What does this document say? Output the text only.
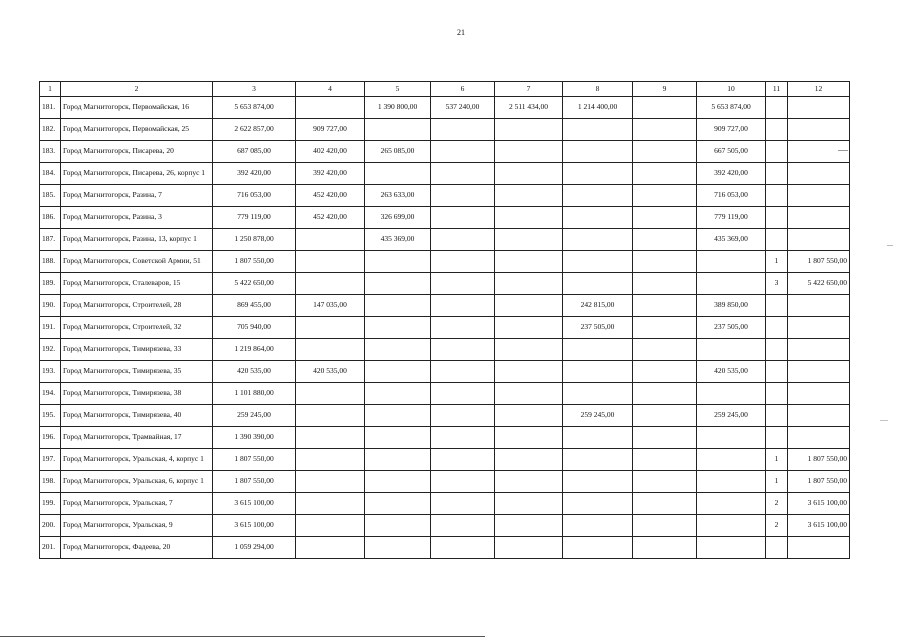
21
1	2	3	4	5	6	7	8	9	10	11	12
181.	Город Магнитогорск, Первомайская, 16	5 653 874,00		1 390 800,00	537 240,00	2 511 434,00	1 214 400,00		5 653 874,00		
182.	Город Магнитогорск, Первомайская, 25	2 622 857,00	909 727,00						909 727,00		
183.	Город Магнитогорск, Писарева, 20	687 085,00	402 420,00	265 085,00					667 505,00		
184.	Город Магнитогорск, Писарева, 26, корпус 1	392 420,00	392 420,00						392 420,00		
185.	Город Магнитогорск, Разина, 7	716 053,00	452 420,00	263 633,00					716 053,00		
186.	Город Магнитогорск, Разина, 3	779 119,00	452 420,00	326 699,00					779 119,00		
187.	Город Магнитогорск, Разина, 13, корпус 1	1 250 878,00		435 369,00					435 369,00		
188.	Город Магнитогорск, Советской Армии, 51	1 807 550,00								1	1 807 550,00
189.	Город Магнитогорск, Сталеваров, 15	5 422 650,00								3	5 422 650,00
190.	Город Магнитогорск, Строителей, 28	869 455,00	147 035,00				242 815,00		389 850,00		
191.	Город Магнитогорск, Строителей, 32	705 940,00					237 505,00		237 505,00		
192.	Город Магнитогорск, Тимирязева, 33	1 219 864,00									
193.	Город Магнитогорск, Тимирязева, 35	420 535,00	420 535,00						420 535,00		
194.	Город Магнитогорск, Тимирязева, 38	1 101 880,00									
195.	Город Магнитогорск, Тимирязева, 40	259 245,00					259 245,00		259 245,00		
196.	Город Магнитогорск, Трамвайная, 17	1 390 390,00									
197.	Город Магнитогорск, Уральская, 4, корпус 1	1 807 550,00								1	1 807 550,00
198.	Город Магнитогорск, Уральская, 6, корпус 1	1 807 550,00								1	1 807 550,00
199.	Город Магнитогорск, Уральская, 7	3 615 100,00								2	3 615 100,00
200.	Город Магнитогорск, Уральская, 9	3 615 100,00								2	3 615 100,00
201.	Город Магнитогорск, Фадеева, 20	1 059 294,00									
